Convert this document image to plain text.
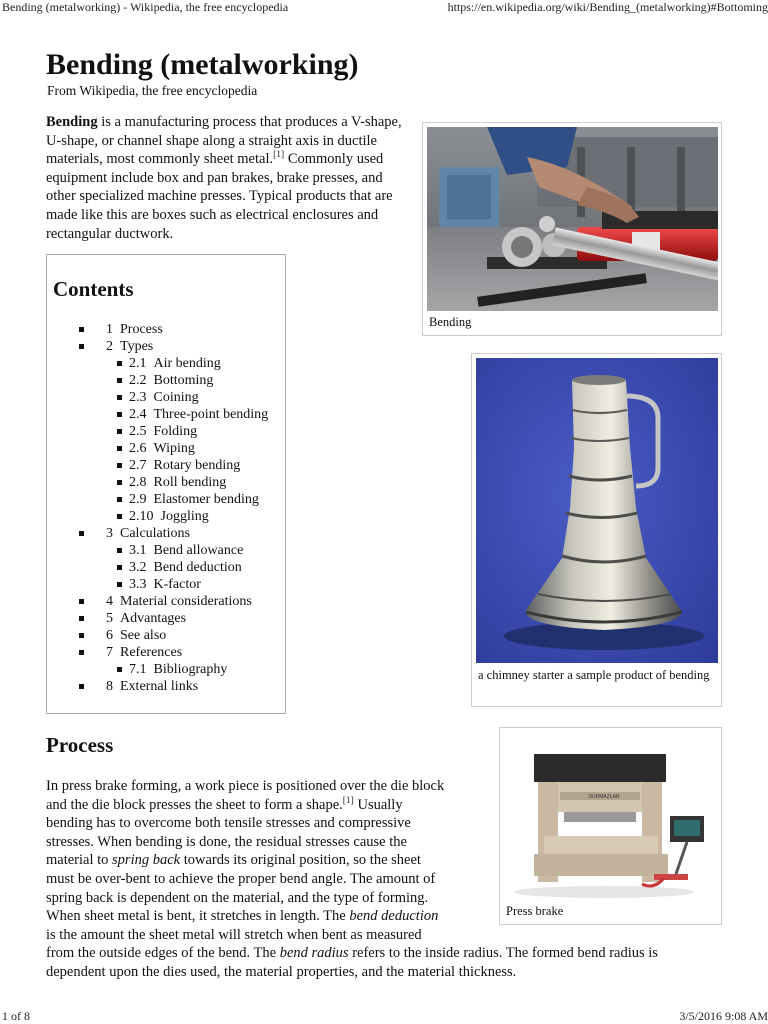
Bending (metalworking) - Wikipedia, the free encyclopedia	https://en.wikipedia.org/wiki/Bending_(metalworking)#Bottoming
Bending (metalworking)
From Wikipedia, the free encyclopedia

Bending is a manufacturing process that produces a V-shape, U-shape, or channel shape along a straight axis in ductile materials, most commonly sheet metal.[1] Commonly used equipment include box and pan brakes, brake presses, and other specialized machine presses. Typical products that are made like this are boxes such as electrical enclosures and rectangular ductwork.

Contents
1 Process
2 Types
2.1 Air bending
2.2 Bottoming
2.3 Coining
2.4 Three-point bending
2.5 Folding
2.6 Wiping
2.7 Rotary bending
2.8 Roll bending
2.9 Elastomer bending
2.10 Joggling
3 Calculations
3.1 Bend allowance
3.2 Bend deduction
3.3 K-factor
4 Material considerations
5 Advantages
6 See also
7 References
7.1 Bibliography
8 External links
Bending
a chimney starter a sample product of bending
DURMAZLAR
Press brake
Process
In press brake forming, a work piece is positioned over the die block
and the die block presses the sheet to form a shape.[1] Usually
bending has to overcome both tensile stresses and compressive
stresses. When bending is done, the residual stresses cause the
material to spring back towards its original position, so the sheet
must be over-bent to achieve the proper bend angle. The amount of
spring back is dependent on the material, and the type of forming.
When sheet metal is bent, it stretches in length. The bend deduction
is the amount the sheet metal will stretch when bent as measured
from the outside edges of the bend. The bend radius refers to the inside radius. The formed bend radius is
dependent upon the dies used, the material properties, and the material thickness.
1 of 8	3/5/2016 9:08 AM
